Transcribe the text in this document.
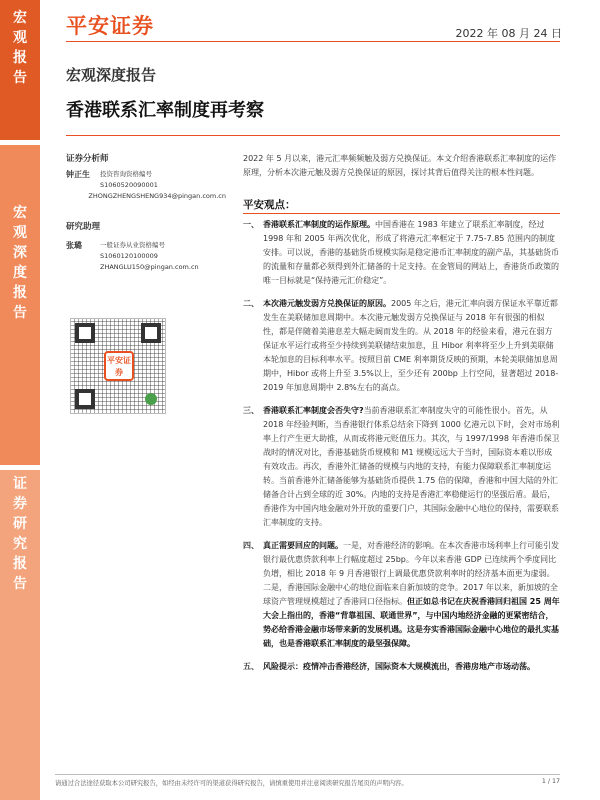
宏
观
报
告
宏
观
深
度
报
告
证
券
研
究
报
告
平安证券	2022 年 08 月 24 日
宏观深度报告
香港联系汇率制度再考察
证券分析师
钟正生	投资咨询资格编号
S1060520090001
ZHONGZHENGSHENG934@pingan.com.cn
研究助理
张璐	一般证券从业资格编号
S1060120100009
ZHANGLU150@pingan.com.cn
平安证券

2022 年 5 月以来，港元汇率频频触及弱方兑换保证。本文介绍香港联系汇率制度的运作原理，分析本次港元触及弱方兑换保证的原因，探讨其背后值得关注的根本性问题。

平安观点：
一、 香港联系汇率制度的运作原理。中国香港在 1983 年建立了联系汇率制度，经过 1998 年和 2005 年两次优化，形成了将港元汇率框定于 7.75-7.85 范围内的制度安排。可以说，香港的基础货币规模实际是稳定港币汇率制度的副产品，其基础货币的流量和存量都必须得到外汇储备的十足支持。在金管局的网站上，香港货币政策的唯一目标就是“保持港元汇价稳定”。

二、 本次港元触发弱方兑换保证的原因。2005 年之后，港元汇率向弱方保证水平靠近都发生在美联储加息周期中。本次港元触发弱方兑换保证与 2018 年有很强的相似性，都是伴随着美港息差大幅走阔而发生的。从 2018 年的经验来看，港元在弱方保证水平运行或将至少持续到美联储结束加息，且 Hibor 利率将至少上升到美联储本轮加息的目标利率水平。按照目前 CME 利率期货反映的预期，本轮美联储加息周期中，Hibor 或将上升至 3.5%以上，至少还有 200bp 上行空间，显著超过 2018-2019 年加息周期中 2.8%左右的高点。

三、 香港联系汇率制度会否失守?当前香港联系汇率制度失守的可能性很小。首先，从 2018 年经验判断，当香港银行体系总结余下降到 1000 亿港元以下时，会对市场利率上行产生更大助推，从而或将港元贬值压力。其次，与 1997/1998 年香港币保卫战时的情况对比，香港基础货币规模和 M1 规模远远大于当时，国际资本难以形成有效攻击。再次，香港外汇储备的规模与内地的支持，有能力保障联系汇率制度运转。当前香港外汇储备能够为基础货币提供 1.75 倍的保障，香港和中国大陆的外汇储备合计占到全球的近 30%。内地的支持是香港汇率稳健运行的坚强后盾。最后，香港作为中国内地金融对外开放的重要门户，其国际金融中心地位的保持，需要联系汇率制度的支持。

四、 真正需要回应的问题。一是，对香港经济的影响。在本次香港市场利率上行可能引发银行最优惠贷款利率上行幅度超过 25bp。今年以来香港 GDP 已连续两个季度同比负增，相比 2018 年 9 月香港银行上调最优惠贷款利率时的经济基本面更为虚弱。二是，香港国际金融中心的地位面临来自新加坡的竞争。2017 年以来，新加坡的全球资产管理规模超过了香港同口径指标。但正如总书记在庆祝香港回归祖国 25 周年大会上指出的，香港“背靠祖国、联通世界”，与中国内地经济金融的更紧密结合，势必给香港金融市场带来新的发展机遇。这是夯实香港国际金融中心地位的最扎实基础，也是香港联系汇率制度的最坚强保障。

五、 风险提示：疫情冲击香港经济，国际资本大规模流出，香港房地产市场动荡。

请通过合法途径获取本公司研究报告，如经由未经许可的渠道获得研究报告，请慎重使用并注意阅读研究报告尾页的声明内容。	1 / 17
